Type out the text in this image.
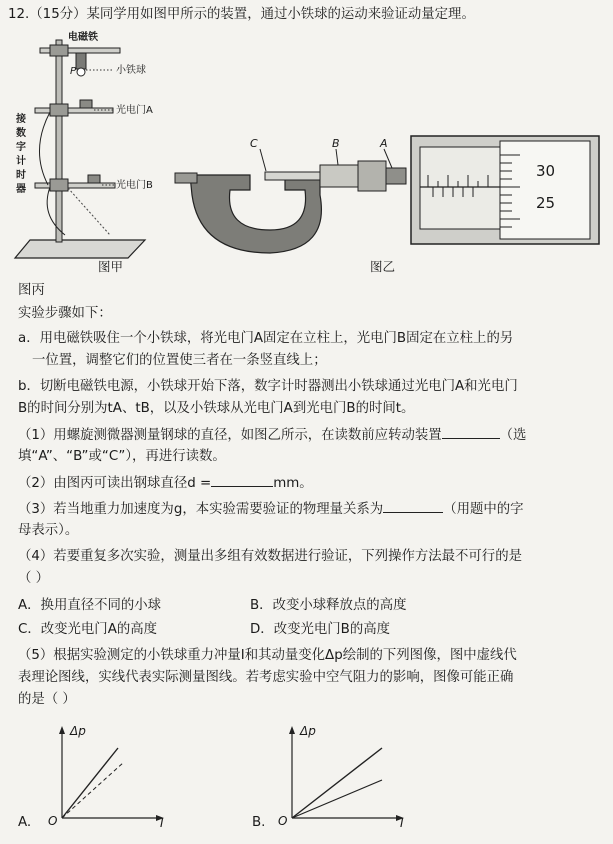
12.（15分）某同学用如图甲所示的装置，通过小铁球的运动来验证动量定理。
电磁铁
P	小铁球
光电门A
光电门B
接
数
字
计
时
器
图甲
C	B	A
图乙
30
25
图丙
实验步骤如下：
a．用电磁铁吸住一个小铁球，将光电门A固定在立柱上，光电门B固定在立柱上的另
一位置，调整它们的位置使三者在一条竖直线上；
b．切断电磁铁电源，小铁球开始下落，数字计时器测出小铁球通过光电门A和光电门
B的时间分别为tA、tB，以及小铁球从光电门A到光电门B的时间t。
（1）用螺旋测微器测量钢球的直径，如图乙所示，在读数前应转动装置	（选
填“A”、“B”或“C”），再进行读数。
（2）由图丙可读出钢球直径d =	mm。
（3）若当地重力加速度为g，本实验需要验证的物理量关系为	（用题中的字
母表示）。
（4）若要重复多次实验，测量出多组有效数据进行验证，下列操作方法最不可行的是
（ ）
A．换用直径不同的小球	B．改变小球释放点的高度
C．改变光电门A的高度	D．改变光电门B的高度
（5）根据实验测定的小铁球重力冲量I和其动量变化Δp绘制的下列图像，图中虚线代
表理论图线，实线代表实际测量图线。若考虑实验中空气阻力的影响，图像可能正确
的是（ ）
Δp
O	I
A.
Δp
O	I
B.
